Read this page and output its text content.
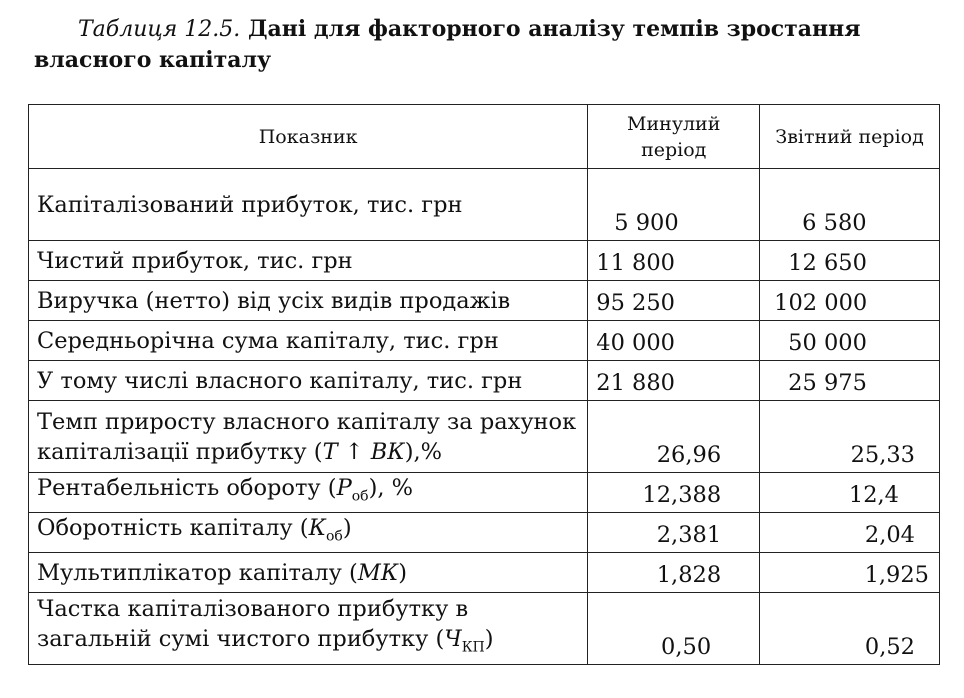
Таблиця 12.5. Дані для факторного аналізу темпів зростання власного капіталу
Показник	Минулий період	Звітний період
Капіталізований прибуток, тис. грн	5 900	6 580
Чистий прибуток, тис. грн	11 800	12 650
Виручка (нетто) від усіх видів продажів	95 250	102 000
Середньорічна сума капіталу, тис. грн	40 000	50 000
У тому числі власного капіталу, тис. грн	21 880	25 975
Темп приросту власного капіталу за рахунок капіталізації прибутку (Т ↑ ВК),%	26,96	25,33
Рентабельність обороту $(Р_{об})$, %	12,388	12,4
Оборотність капіталу $(К_{об})$	2,381	2,04
Мультиплікатор капіталу (МК)	1,828	1,925
Частка капіталізованого прибутку в загальній сумі чистого прибутку $(Ч_{КП})$	0,50	0,52
